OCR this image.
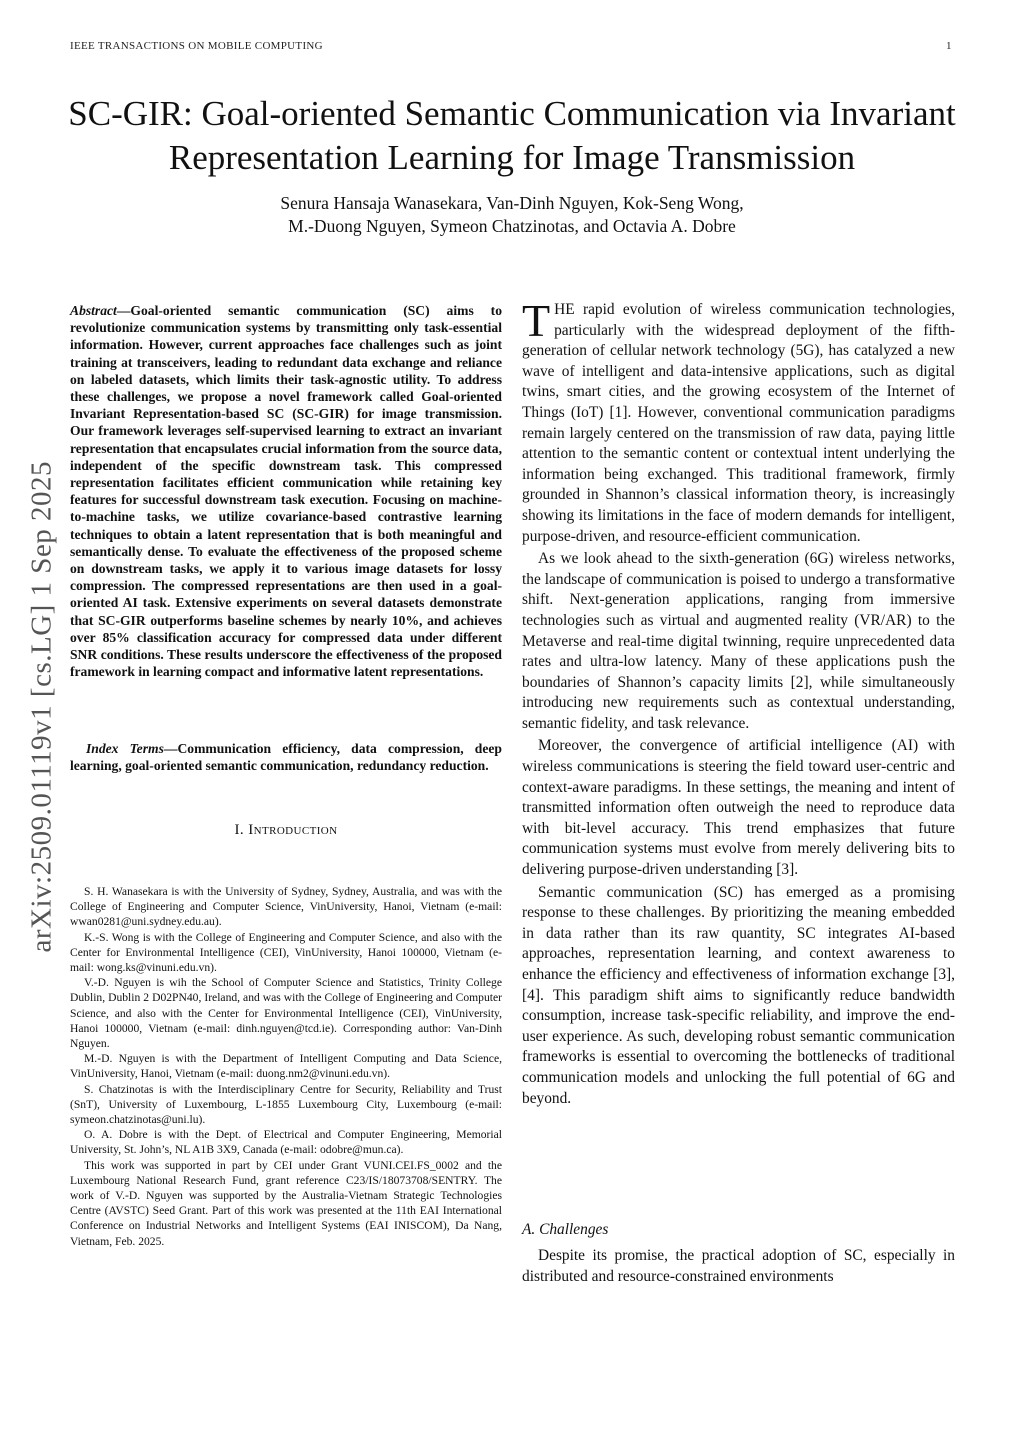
IEEE TRANSACTIONS ON MOBILE COMPUTING	1
arXiv:2509.01119v1 [cs.LG] 1 Sep 2025
SC-GIR: Goal-oriented Semantic Communication via Invariant
Representation Learning for Image Transmission
Senura Hansaja Wanasekara, Van-Dinh Nguyen, Kok-Seng Wong,
M.-Duong Nguyen, Symeon Chatzinotas, and Octavia A. Dobre
Abstract—Goal-oriented semantic communication (SC) aims to revolutionize communication systems by transmitting only task-essential information. However, current approaches face challenges such as joint training at transceivers, leading to redundant data exchange and reliance on labeled datasets, which limits their task-agnostic utility. To address these challenges, we propose a novel framework called Goal-oriented Invariant Representation-based SC (SC-GIR) for image transmission. Our framework leverages self-supervised learning to extract an invariant representation that encapsulates crucial information from the source data, independent of the specific downstream task. This compressed representation facilitates efficient communication while retaining key features for successful downstream task execution. Focusing on machine-to-machine tasks, we utilize covariance-based contrastive learning techniques to obtain a latent representation that is both meaningful and semantically dense. To evaluate the effectiveness of the proposed scheme on downstream tasks, we apply it to various image datasets for lossy compression. The compressed representations are then used in a goal-oriented AI task. Extensive experiments on several datasets demonstrate that SC-GIR outperforms baseline schemes by nearly 10%, and achieves over 85% classification accuracy for compressed data under different SNR conditions. These results underscore the effectiveness of the proposed framework in learning compact and informative latent representations.
Index Terms—Communication efficiency, data compression, deep learning, goal-oriented semantic communication, redundancy reduction.
I. Introduction

S. H. Wanasekara is with the University of Sydney, Sydney, Australia, and was with the College of Engineering and Computer Science, VinUniversity, Hanoi, Vietnam (e-mail: wwan0281@uni.sydney.edu.au).

K.-S. Wong is with the College of Engineering and Computer Science, and also with the Center for Environmental Intelligence (CEI), VinUniversity, Hanoi 100000, Vietnam (e-mail: wong.ks@vinuni.edu.vn).

V.-D. Nguyen is wih the School of Computer Science and Statistics, Trinity College Dublin, Dublin 2 D02PN40, Ireland, and was with the College of Engineering and Computer Science, and also with the Center for Environmental Intelligence (CEI), VinUniversity, Hanoi 100000, Vietnam (e-mail: dinh.nguyen@tcd.ie). Corresponding author: Van-Dinh Nguyen.

M.-D. Nguyen is with the Department of Intelligent Computing and Data Science, VinUniversity, Hanoi, Vietnam (e-mail: duong.nm2@vinuni.edu.vn).

S. Chatzinotas is with the Interdisciplinary Centre for Security, Reliability and Trust (SnT), University of Luxembourg, L-1855 Luxembourg City, Luxembourg (e-mail: symeon.chatzinotas@uni.lu).

O. A. Dobre is with the Dept. of Electrical and Computer Engineering, Memorial University, St. John’s, NL A1B 3X9, Canada (e-mail: odobre@mun.ca).

This work was supported in part by CEI under Grant VUNI.CEI.FS_0002 and the Luxembourg National Research Fund, grant reference C23/IS/18073708/SENTRY. The work of V.-D. Nguyen was supported by the Australia-Vietnam Strategic Technologies Centre (AVSTC) Seed Grant. Part of this work was presented at the 11th EAI International Conference on Industrial Networks and Intelligent Systems (EAI INISCOM), Da Nang, Vietnam, Feb. 2025.

THE rapid evolution of wireless communication technologies, particularly with the widespread deployment of the fifth-generation of cellular network technology (5G), has catalyzed a new wave of intelligent and data-intensive applications, such as digital twins, smart cities, and the growing ecosystem of the Internet of Things (IoT) [1]. However, conventional communication paradigms remain largely centered on the transmission of raw data, paying little attention to the semantic content or contextual intent underlying the information being exchanged. This traditional framework, firmly grounded in Shannon’s classical information theory, is increasingly showing its limitations in the face of modern demands for intelligent, purpose-driven, and resource-efficient communication.

As we look ahead to the sixth-generation (6G) wireless networks, the landscape of communication is poised to undergo a transformative shift. Next-generation applications, ranging from immersive technologies such as virtual and augmented reality (VR/AR) to the Metaverse and real-time digital twinning, require unprecedented data rates and ultra-low latency. Many of these applications push the boundaries of Shannon’s capacity limits [2], while simultaneously introducing new requirements such as contextual understanding, semantic fidelity, and task relevance.

Moreover, the convergence of artificial intelligence (AI) with wireless communications is steering the field toward user-centric and context-aware paradigms. In these settings, the meaning and intent of transmitted information often outweigh the need to reproduce data with bit-level accuracy. This trend emphasizes that future communication systems must evolve from merely delivering bits to delivering purpose-driven understanding [3].

Semantic communication (SC) has emerged as a promising response to these challenges. By prioritizing the meaning embedded in data rather than its raw quantity, SC integrates AI-based approaches, representation learning, and context awareness to enhance the efficiency and effectiveness of information exchange [3], [4]. This paradigm shift aims to significantly reduce bandwidth consumption, increase task-specific reliability, and improve the end-user experience. As such, developing robust semantic communication frameworks is essential to overcoming the bottlenecks of traditional communication models and unlocking the full potential of 6G and beyond.

A. Challenges

Despite its promise, the practical adoption of SC, especially in distributed and resource-constrained environments
